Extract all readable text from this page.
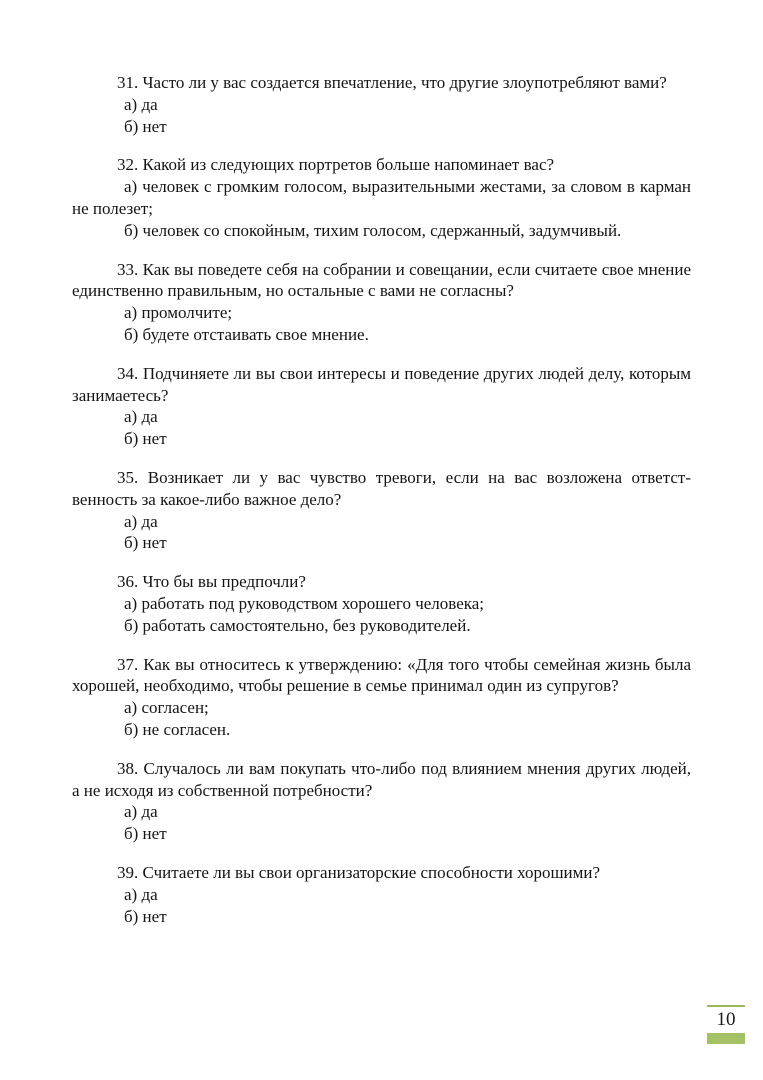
31. Часто ли у вас создается впечатление, что другие злоупотребляют вами?

а) да

б) нет

32. Какой из следующих портретов больше напоминает вас?

а) человек с громким голосом, выразительными жестами, за словом в карман не полезет;

б) человек со спокойным, тихим голосом, сдержанный, задумчивый.

33. Как вы поведете себя на собрании и совещании, если считаете свое мнение единственно правильным, но остальные с вами не согласны?

а) промолчите;

б) будете отстаивать свое мнение.

34. Подчиняете ли вы свои интересы и поведение других людей делу, которым занимаетесь?

а) да

б) нет

35. Возникает ли у вас чувство тревоги, если на вас возложена ответственность за какое-либо важное дело?

а) да

б) нет

36. Что бы вы предпочли?

а) работать под руководством хорошего человека;

б) работать самостоятельно, без руководителей.

37. Как вы относитесь к утверждению: «Для того чтобы семейная жизнь была хорошей, необходимо, чтобы решение в семье принимал один из супругов?

а) согласен;

б) не согласен.

38. Случалось ли вам покупать что-либо под влиянием мнения других людей, а не исходя из собственной потребности?

а) да

б) нет

39. Считаете ли вы свои организаторские способности хорошими?

а) да

б) нет

10
